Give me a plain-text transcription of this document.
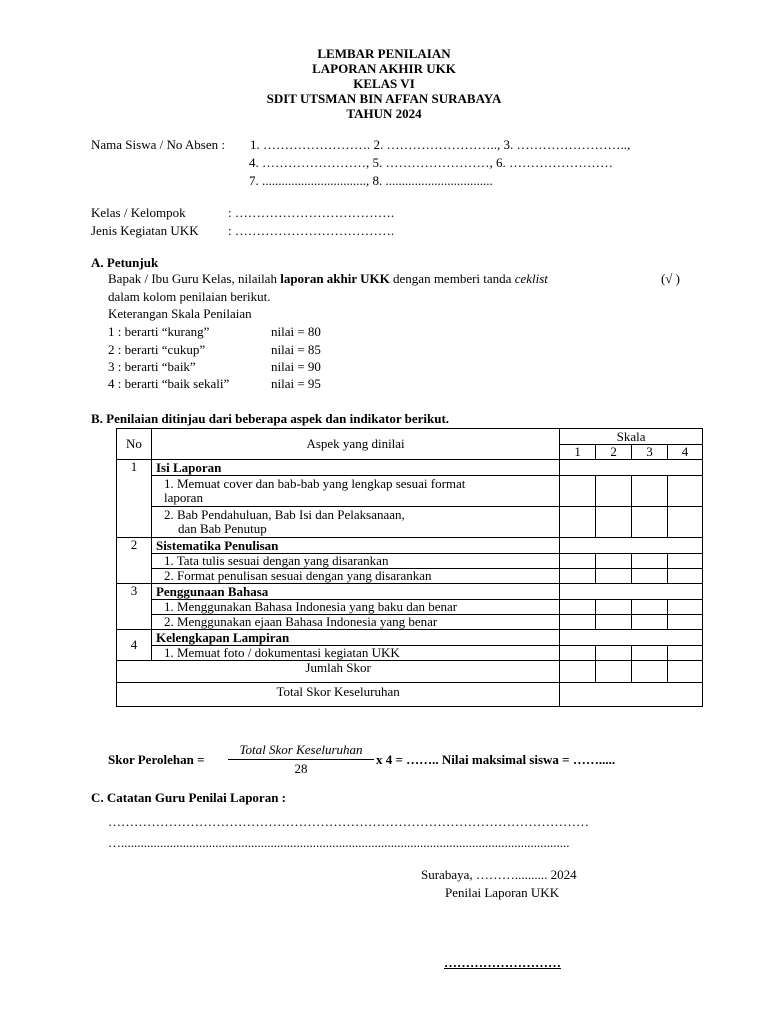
LEMBAR PENILAIAN
LAPORAN AKHIR UKK
KELAS VI
SDIT UTSMAN BIN AFFAN SURABAYA
TAHUN 2024
Nama Siswa / No Absen : 1. ……………………. 2. …………………….., 3. ……………………..,
4. ……………………, 5. ……………………, 6. ……………………
7. ................................, 8. .................................
Kelas / Kelompok	: ……………………………….
Jenis Kegiatan UKK : ……………………………….
A. Petunjuk
Bapak / Ibu Guru Kelas, nilailah laporan akhir UKK dengan memberi tanda ceklist	(√ )
dalam kolom penilaian berikut.
Keterangan Skala Penilaian
1 : berarti “kurang”	nilai = 80
2 : berarti “cukup”	nilai = 85
3 : berarti “baik”	nilai = 90
4 : berarti “baik sekali”	nilai = 95
B. Penilaian ditinjau dari beberapa aspek dan indikator berikut.
No	Aspek yang dinilai	Skala			
		1	2	3	4
1	Isi Laporan				

	1. Memuat cover dan bab-bab yang lengkap sesuai format
laporan				

	2. Bab Pendahuluan, Bab Isi dan Pelaksanaan,
dan Bab Penutup				

2	Sistematika Penulisan				
	1. Tata tulis sesuai dengan yang disarankan				
	2. Format penulisan sesuai dengan yang disarankan				
3	Penggunaan Bahasa				
	1. Menggunakan Bahasa Indonesia yang baku dan benar				
	2. Menggunakan ejaan Bahasa Indonesia yang benar				
4	Kelengkapan Lampiran				
	1. Memuat foto / dokumentasi kegiatan UKK				
Jumlah Skor					
Total Skor Keseluruhan					
Skor Perolehan =
Total Skor Keseluruhan
28
x 4 = …….. Nilai maksimal siswa = …….....
C. Catatan Guru Penilai Laporan :
…………………………………………………………………………………………………
…..........................................................................................................................................
Surabaya, ……….......... 2024
Penilai Laporan UKK
………………………
